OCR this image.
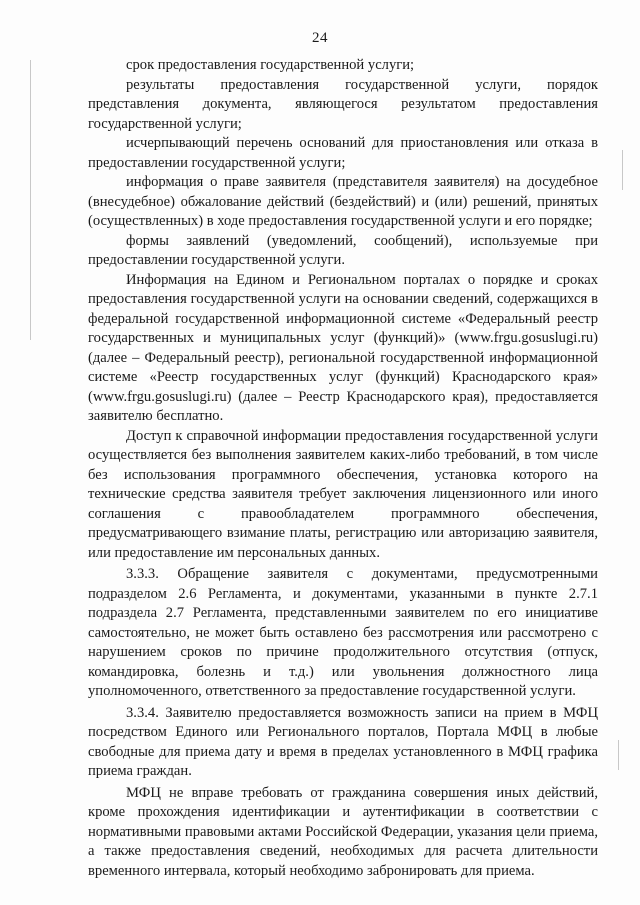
24

срок предоставления государственной услуги;

результаты предоставления государственной услуги, порядок представления документа, являющегося результатом предоставления государственной услуги;

исчерпывающий перечень оснований для приостановления или отказа в предоставлении государственной услуги;

информация о праве заявителя (представителя заявителя) на досудебное (внесудебное) обжалование действий (бездействий) и (или) решений, принятых (осуществленных) в ходе предоставления государственной услуги и его порядке;

формы заявлений (уведомлений, сообщений), используемые при предоставлении государственной услуги.

Информация на Едином и Региональном порталах о порядке и сроках предоставления государственной услуги на основании сведений, содержащихся в федеральной государственной информационной системе «Федеральный реестр государственных и муниципальных услуг (функций)» (www.frgu.gosuslugi.ru) (далее – Федеральный реестр), региональной государственной информационной системе «Реестр государственных услуг (функций) Краснодарского края» (www.frgu.gosuslugi.ru) (далее – Реестр Краснодарского края), предоставляется заявителю бесплатно.

Доступ к справочной информации предоставления государственной услуги осуществляется без выполнения заявителем каких-либо требований, в том числе без использования программного обеспечения, установка которого на технические средства заявителя требует заключения лицензионного или иного соглашения с правообладателем программного обеспечения, предусматривающего взимание платы, регистрацию или авторизацию заявителя, или предоставление им персональных данных.

3.3.3. Обращение заявителя с документами, предусмотренными подразделом 2.6 Регламента, и документами, указанными в пункте 2.7.1 подраздела 2.7 Регламента, представленными заявителем по его инициативе самостоятельно, не может быть оставлено без рассмотрения или рассмотрено с нарушением сроков по причине продолжительного отсутствия (отпуск, командировка, болезнь и т.д.) или увольнения должностного лица уполномоченного, ответственного за предоставление государственной услуги.

3.3.4. Заявителю предоставляется возможность записи на прием в МФЦ посредством Единого или Регионального порталов, Портала МФЦ в любые свободные для приема дату и время в пределах установленного в МФЦ графика приема граждан.

МФЦ не вправе требовать от гражданина совершения иных действий, кроме прохождения идентификации и аутентификации в соответствии с нормативными правовыми актами Российской Федерации, указания цели приема, а также предоставления сведений, необходимых для расчета длительности временного интервала, который необходимо забронировать для приема.
